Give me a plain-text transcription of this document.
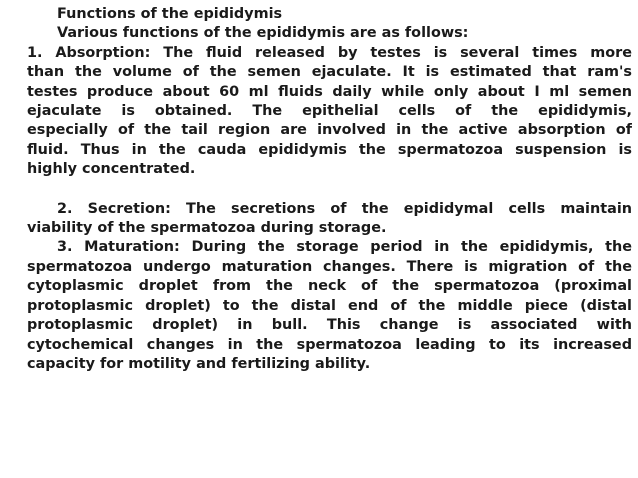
Functions of the epididymis
Various functions of the epididymis are as follows:
1. Absorption: The fluid released by testes is several times more
than the volume of the semen ejaculate. It is estimated that ram's
testes produce about 60 ml fluids daily while only about I ml semen
ejaculate is obtained. The epithelial cells of the epididymis,
especially of the tail region are involved in the active absorption of
fluid. Thus in the cauda epididymis the spermatozoa suspension is
highly concentrated.
2. Secretion: The secretions of the epididymal cells maintain
viability of the spermatozoa during storage.
3. Maturation: During the storage period in the epididymis, the
spermatozoa undergo maturation changes. There is migration of the
cytoplasmic droplet from the neck of the spermatozoa (proximal
protoplasmic droplet) to the distal end of the middle piece (distal
protoplasmic droplet) in bull. This change is associated with
cytochemical changes in the spermatozoa leading to its increased
capacity for motility and fertilizing ability.
